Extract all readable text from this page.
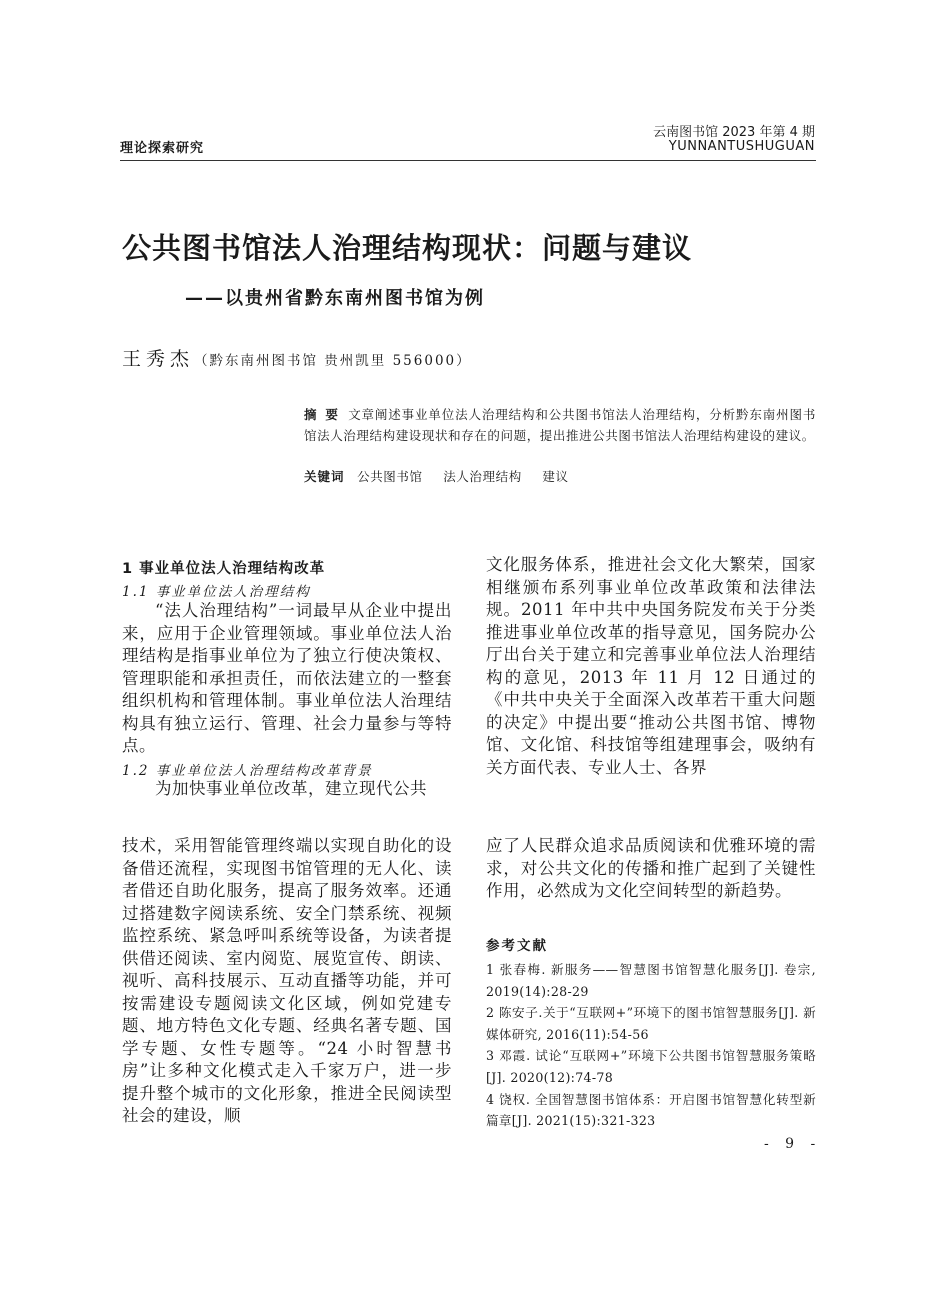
理论探索研究
云南图书馆 2023 年第 4 期
YUNNANTUSHUGUAN
公共图书馆法人治理结构现状：问题与建议
——以贵州省黔东南州图书馆为例
王秀杰（黔东南州图书馆 贵州凯里 556000）
摘 要 文章阐述事业单位法人治理结构和公共图书馆法人治理结构，分析黔东南州图书馆法人治理结构建设现状和存在的问题，提出推进公共图书馆法人治理结构建设的建议。
关键词 公共图书馆 法人治理结构 建议
1 事业单位法人治理结构改革
1.1 事业单位法人治理结构
“法人治理结构”一词最早从企业中提出来，应用于企业管理领域。事业单位法人治理结构是指事业单位为了独立行使决策权、管理职能和承担责任，而依法建立的一整套组织机构和管理体制。事业单位法人治理结构具有独立运行、管理、社会力量参与等特点。
1.2 事业单位法人治理结构改革背景
为加快事业单位改革，建立现代公共
文化服务体系，推进社会文化大繁荣，国家相继颁布系列事业单位改革政策和法律法规。2011 年中共中央国务院发布关于分类推进事业单位改革的指导意见，国务院办公厅出台关于建立和完善事业单位法人治理结构的意见，2013 年 11 月 12 日通过的《中共中央关于全面深入改革若干重大问题的决定》中提出要“推动公共图书馆、博物馆、文化馆、科技馆等组建理事会，吸纳有关方面代表、专业人士、各界
技术，采用智能管理终端以实现自助化的设备借还流程，实现图书馆管理的无人化、读者借还自助化服务，提高了服务效率。还通过搭建数字阅读系统、安全门禁系统、视频监控系统、紧急呼叫系统等设备，为读者提供借还阅读、室内阅览、展览宣传、朗读、视听、高科技展示、互动直播等功能，并可按需建设专题阅读文化区域，例如党建专题、地方特色文化专题、经典名著专题、国学专题、女性专题等。“24 小时智慧书房”让多种文化模式走入千家万户，进一步提升整个城市的文化形象，推进全民阅读型社会的建设，顺
应了人民群众追求品质阅读和优雅环境的需求，对公共文化的传播和推广起到了关键性作用，必然成为文化空间转型的新趋势。
参考文献
1 张春梅. 新服务——智慧图书馆智慧化服务[J]. 卷宗, 2019(14):28-29
2 陈安子.关于“互联网+”环境下的图书馆智慧服务[J]. 新媒体研究, 2016(11):54-56
3 邓霞. 试论“互联网+”环境下公共图书馆智慧服务策略[J]. 2020(12):74-78
4 饶权. 全国智慧图书馆体系：开启图书馆智慧化转型新篇章[J]. 2021(15):321-323
- 9 -
